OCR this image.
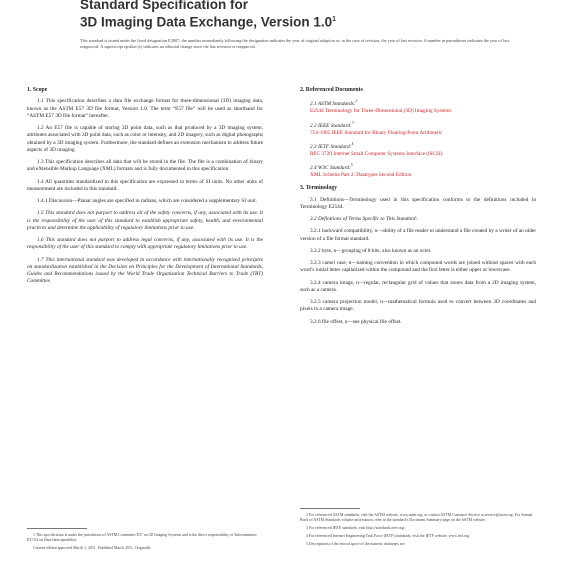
Standard Specification for
3D Imaging Data Exchange, Version $1.0^1$
This standard is issued under the fixed designation E2807; the number immediately following the designation indicates the year of original adoption or, in the case of revision, the year of last revision. A number in parentheses indicates the year of last reapproval. A superscript epsilon (ε) indicates an editorial change since the last revision or reapproval.
1. Scope
1.1 This specification describes a data file exchange format for three-dimensional (3D) imaging data, known as the ASTM E57 3D file format, Version 1.0. The term “E57 file” will be used as shorthand for “ASTM E57 3D file format” hereafter.
1.2 An E57 file is capable of storing 3D point data, such as that produced by a 3D imaging system, attributes associated with 3D point data, such as color or intensity, and 2D imagery, such as digital photographs obtained by a 3D imaging system. Furthermore, the standard defines an extension mechanism to address future aspects of 3D imaging.
1.3 This specification describes all data that will be stored in the file. The file is a combination of binary and eXtensible Markup Language (XML) formats and is fully documented in this specification.
1.4 All quantities standardized in this specification are expressed in terms of SI units. No other units of measurement are included in this standard.
1.4.1 Discussion—Planar angles are specified in radians, which are considered a supplementary SI unit.
1.5 This standard does not purport to address all of the safety concerns, if any, associated with its use. It is the responsibility of the user of this standard to establish appropriate safety, health, and environmental practices and determine the applicability of regulatory limitations prior to use.
1.6 This standard does not purport to address legal concerns, if any, associated with its use. It is the responsibility of the user of this standard to comply with appropriate regulatory limitations prior to use.
1.7 This international standard was developed in accordance with internationally recognized principles on standardization established in the Decision on Principles for the Development of International Standards, Guides and Recommendations issued by the World Trade Organization Technical Barriers to Trade (TBT) Committee.
1 This specification is under the jurisdiction of ASTM Committee E57 on 3D Imaging Systems and is the direct responsibility of Subcommittee E57.04 on Data Interoperability.
Current edition approved March 1, 2011. Published March 2011. Originally
2. Referenced Documents
2.1 ASTM Standards:$^2$
E2544 Terminology for Three-Dimensional (3D) Imaging Systems
2.2 IEEE Standard:$^3$
754-1985 IEEE Standard for Binary Floating-Point Arithmetic
2.3 IETF Standard:$^4$
RFC 3720 Internet Small Computer Systems Interface (iSCSI)
2.4 W3C Standard:$^5$
XML Schema Part 2: Datatypes Second Edition
3. Terminology
3.1 Definitions—Terminology used in this specification conforms to the definitions included in Terminology E2544.
3.2 Definitions of Terms Specific to This Standard:
3.2.1 backward compatibility, n—ability of a file reader to understand a file created by a writer of an older version of a file format standard.
3.2.2 byte, n—grouping of 8 bits, also known as an octet.
3.2.3 camel case, n—naming convention in which compound words are joined without spaces with each word’s initial letter capitalized within the compound and the first letter is either upper or lowercase.
3.2.4 camera image, n—regular, rectangular grid of values that stores data from a 2D imaging system, such as a camera.
3.2.5 camera projection model, n—mathematical formula used to convert between 3D coordinates and pixels in a camera image.
3.2.6 file offset, n—see physical file offset.
2 For referenced ASTM standards, visit the ASTM website, www.astm.org, or contact ASTM Customer Service at service@astm.org. For Annual Book of ASTM Standards volume information, refer to the standard’s Document Summary page on the ASTM website.
3 For referenced IEEE standards, visit http://standards.ieee.org/.
4 For referenced Internet Engineering Task Force (IETF) standards, visit the IETF website, www.ietf.org.
5 Descriptions of the lexical space of the numeric datatypes are
